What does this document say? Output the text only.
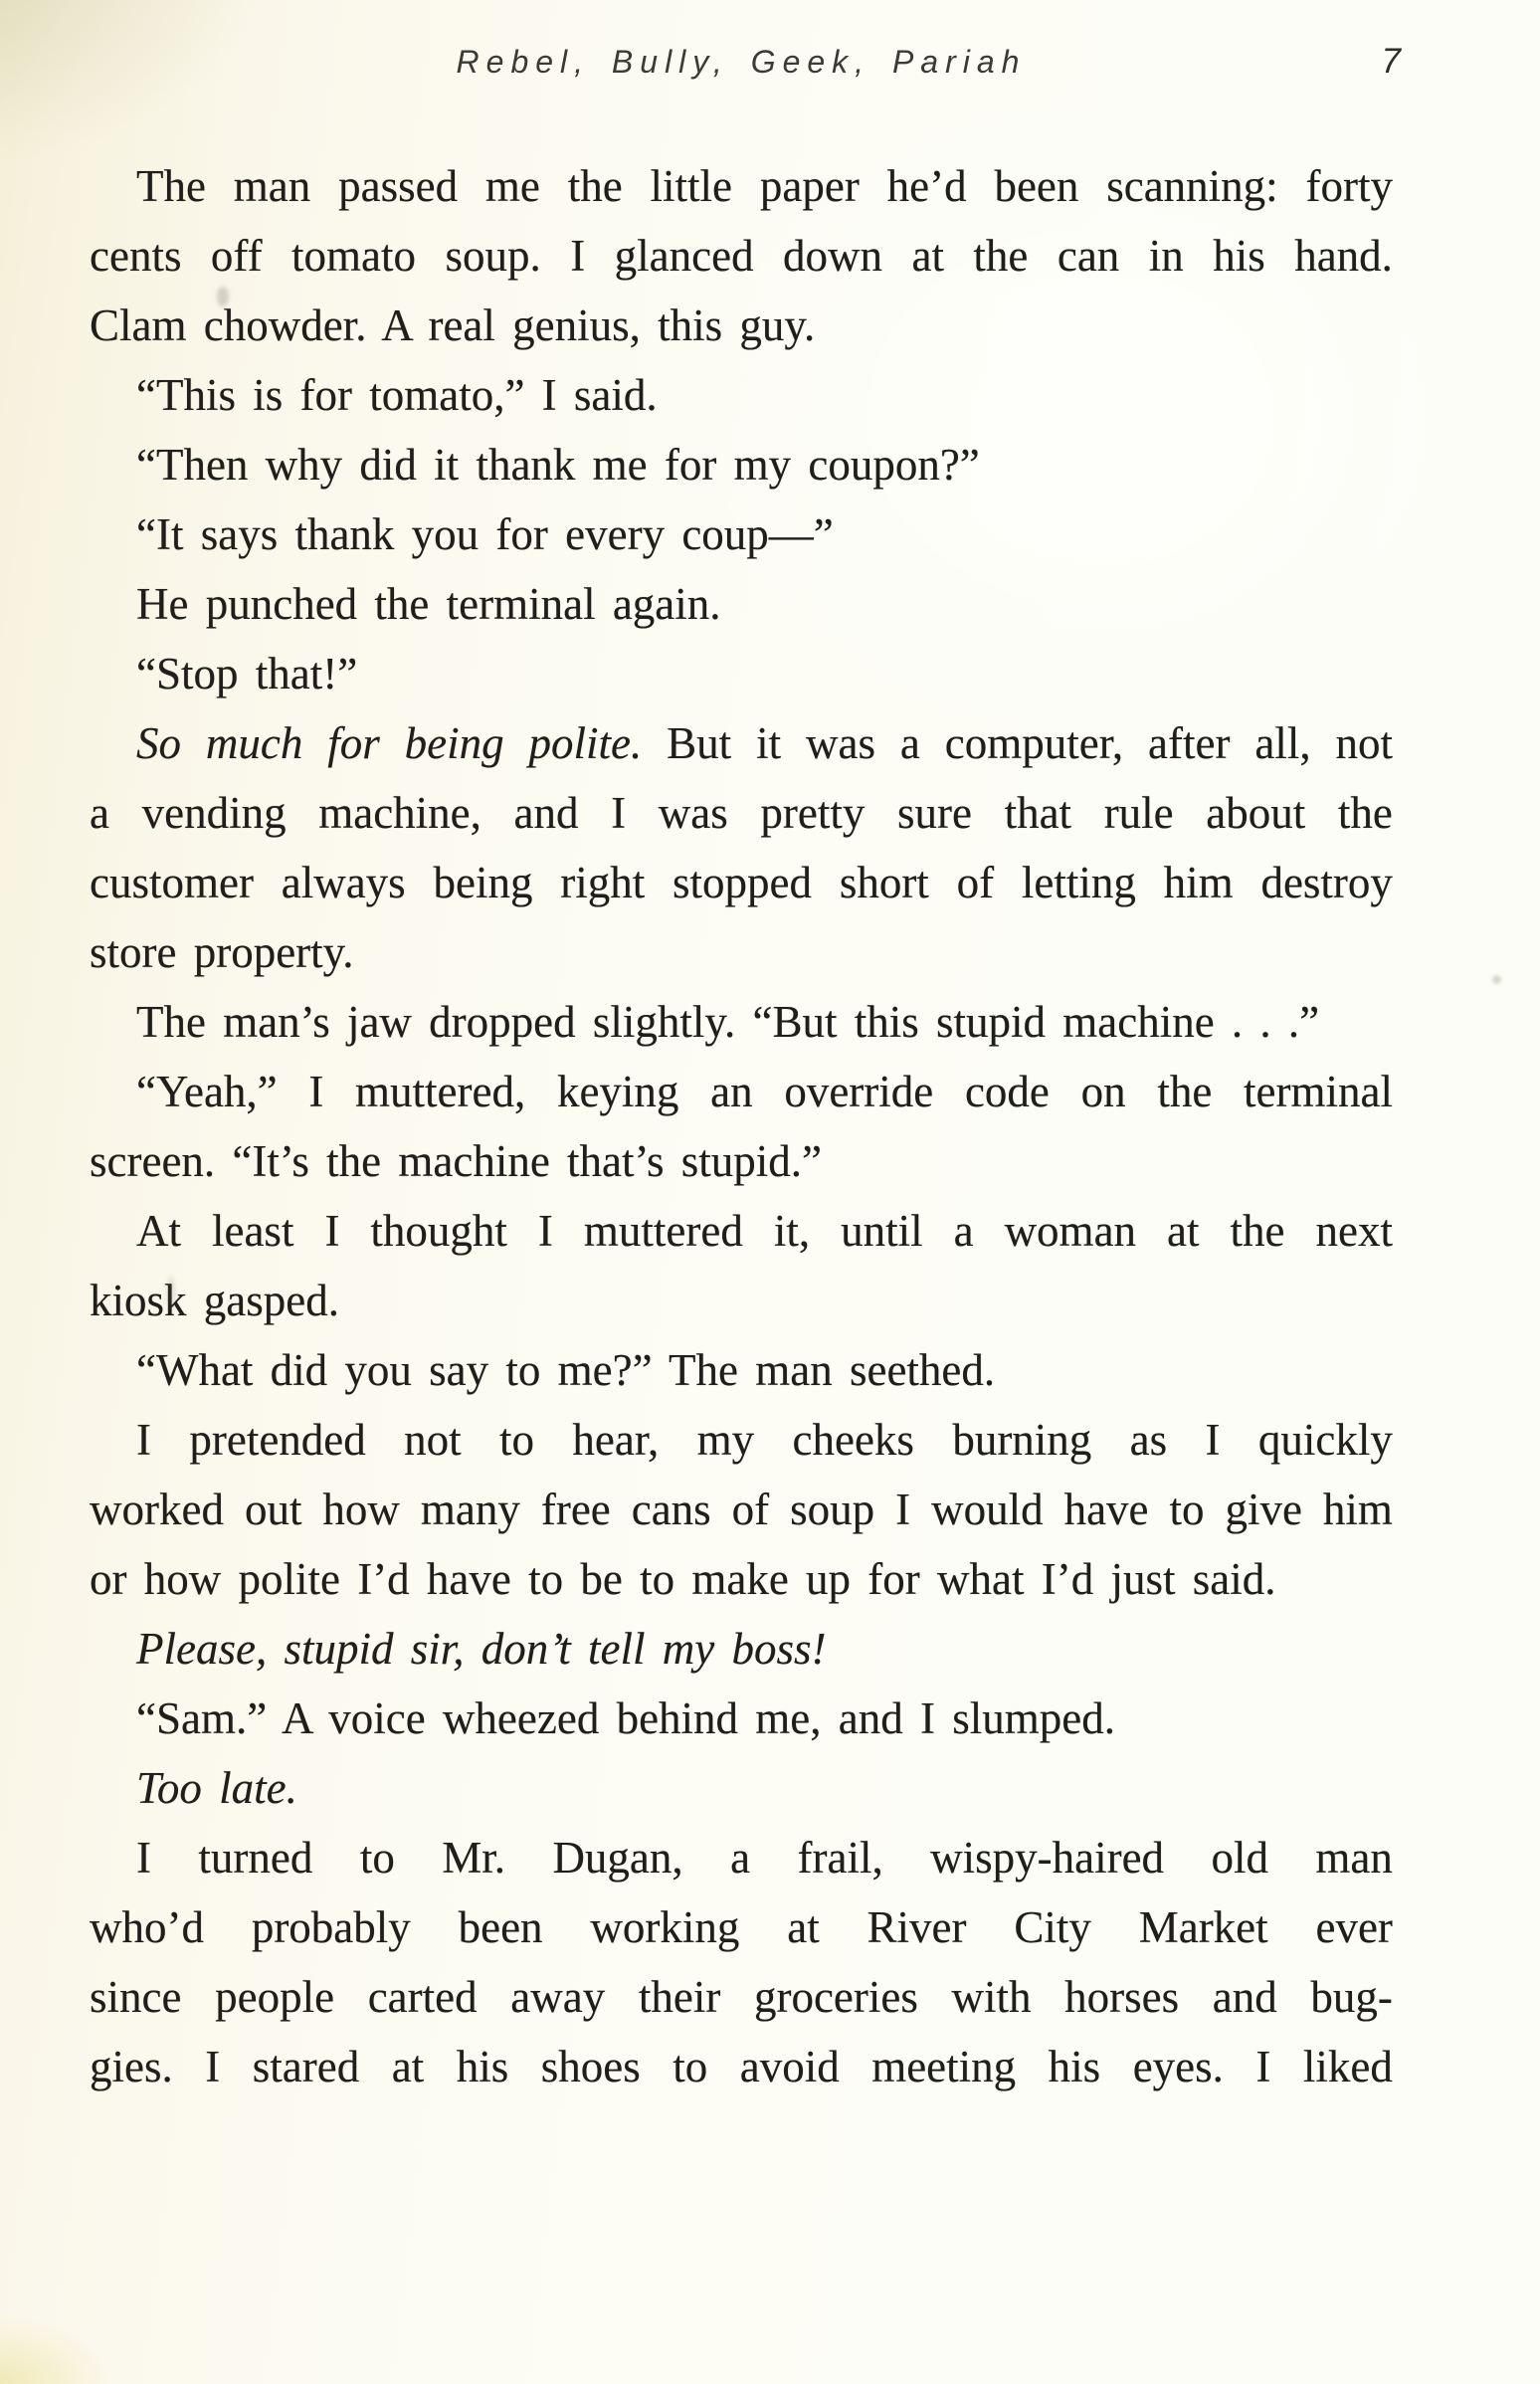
Rebel, Bully, Geek, Pariah	7
The man passed me the little paper he’d been scanning: forty
cents off tomato soup. I glanced down at the can in his hand.
Clam chowder. A real genius, this guy.
“This is for tomato,” I said.
“Then why did it thank me for my coupon?”
“It says thank you for every coup—”
He punched the terminal again.
“Stop that!”
So much for being polite. But it was a computer, after all, not
a vending machine, and I was pretty sure that rule about the
customer always being right stopped short of letting him destroy
store property.
The man’s jaw dropped slightly. “But this stupid machine . . .”
“Yeah,” I muttered, keying an override code on the terminal
screen. “It’s the machine that’s stupid.”
At least I thought I muttered it, until a woman at the next
kiosk gasped.
“What did you say to me?” The man seethed.
I pretended not to hear, my cheeks burning as I quickly
worked out how many free cans of soup I would have to give him
or how polite I’d have to be to make up for what I’d just said.
Please, stupid sir, don’t tell my boss!
“Sam.” A voice wheezed behind me, and I slumped.
Too late.
I turned to Mr. Dugan, a frail, wispy-haired old man
who’d probably been working at River City Market ever
since people carted away their groceries with horses and bug-
gies. I stared at his shoes to avoid meeting his eyes. I liked
